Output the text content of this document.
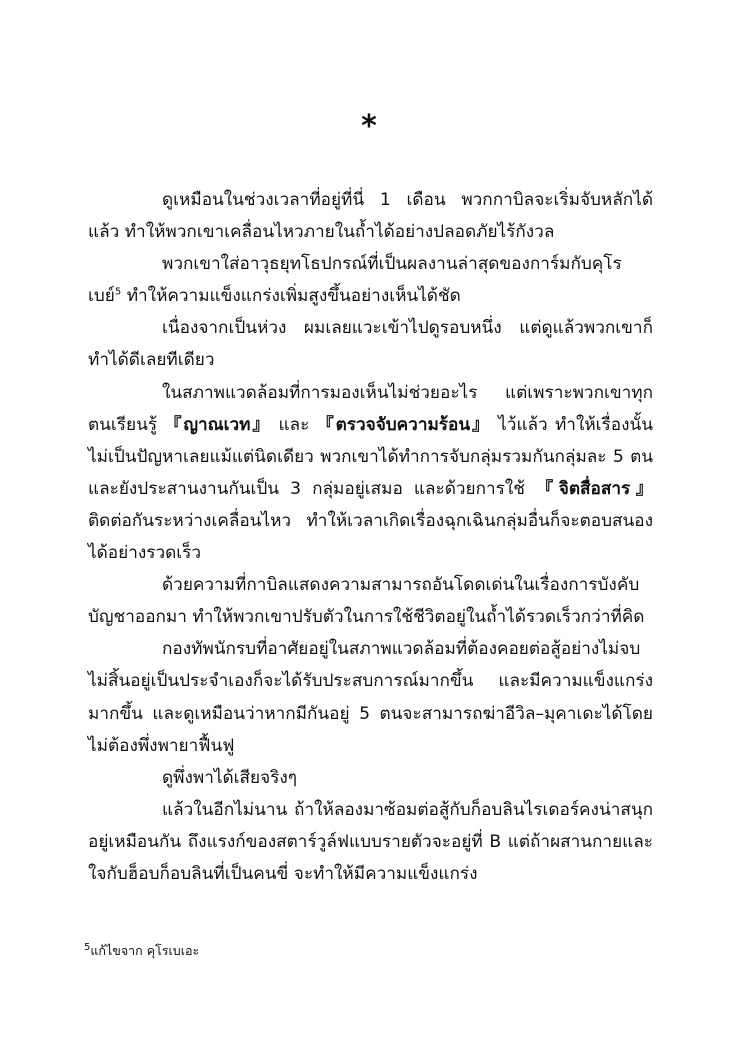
*

ดูเหมือนในช่วงเวลาที่อยู่ที่นี่ 1 เดือน พวกกาบิลจะเริ่มจับหลักได้แล้ว ทำให้พวกเขาเคลื่อนไหวภายในถ้ำได้อย่างปลอดภัยไร้กังวล

พวกเขาใส่อาวุธยุทโธปกรณ์ที่เป็นผลงานล่าสุดของการ์มกับคุโรเบย์$^5$ ทำให้ความแข็งแกร่งเพิ่มสูงขึ้นอย่างเห็นได้ชัด

เนื่องจากเป็นห่วง ผมเลยแวะเข้าไปดูรอบหนึ่ง แต่ดูแล้วพวกเขาก็ทำได้ดีเลยทีเดียว

ในสภาพแวดล้อมที่การมองเห็นไม่ช่วยอะไร แต่เพราะพวกเขาทุกตนเรียนรู้ 『ญาณเวท』 และ 『ตรวจจับความร้อน』 ไว้แล้ว ทำให้เรื่องนั้นไม่เป็นปัญหาเลยแม้แต่นิดเดียว พวกเขาได้ทำการจับกลุ่มรวมกันกลุ่มละ 5 ตน และยังประสานงานกันเป็น 3 กลุ่มอยู่เสมอ และด้วยการใช้ 『จิตสื่อสาร』 ติดต่อกันระหว่างเคลื่อนไหว ทำให้เวลาเกิดเรื่องฉุกเฉินกลุ่มอื่นก็จะตอบสนองได้อย่างรวดเร็ว

ด้วยความที่กาบิลแสดงความสามารถอันโดดเด่นในเรื่องการบังคับบัญชาออกมา ทำให้พวกเขาปรับตัวในการใช้ชีวิตอยู่ในถ้ำได้รวดเร็วกว่าที่คิด

กองทัพนักรบที่อาศัยอยู่ในสภาพแวดล้อมที่ต้องคอยต่อสู้อย่างไม่จบไม่สิ้นอยู่เป็นประจำเองก็จะได้รับประสบการณ์มากขึ้น และมีความแข็งแกร่งมากขึ้น และดูเหมือนว่าหากมีกันอยู่ 5 ตนจะสามารถฆ่าอีวิล–มุคาเดะได้โดยไม่ต้องพึ่งพายาฟื้นฟู

ดูพึ่งพาได้เสียจริงๆ

แล้วในอีกไม่นาน ถ้าให้ลองมาซ้อมต่อสู้กับก็อบลินไรเดอร์คงน่าสนุกอยู่เหมือนกัน ถึงแรงก์ของสตาร์วูล์ฟแบบรายตัวจะอยู่ที่ B แต่ถ้าผสานกายและใจกับฮ็อบก็อบลินที่เป็นคนขี่ จะทำให้มีความแข็งแกร่ง

$^5$แก้ไขจาก คุโรเบเอะ
